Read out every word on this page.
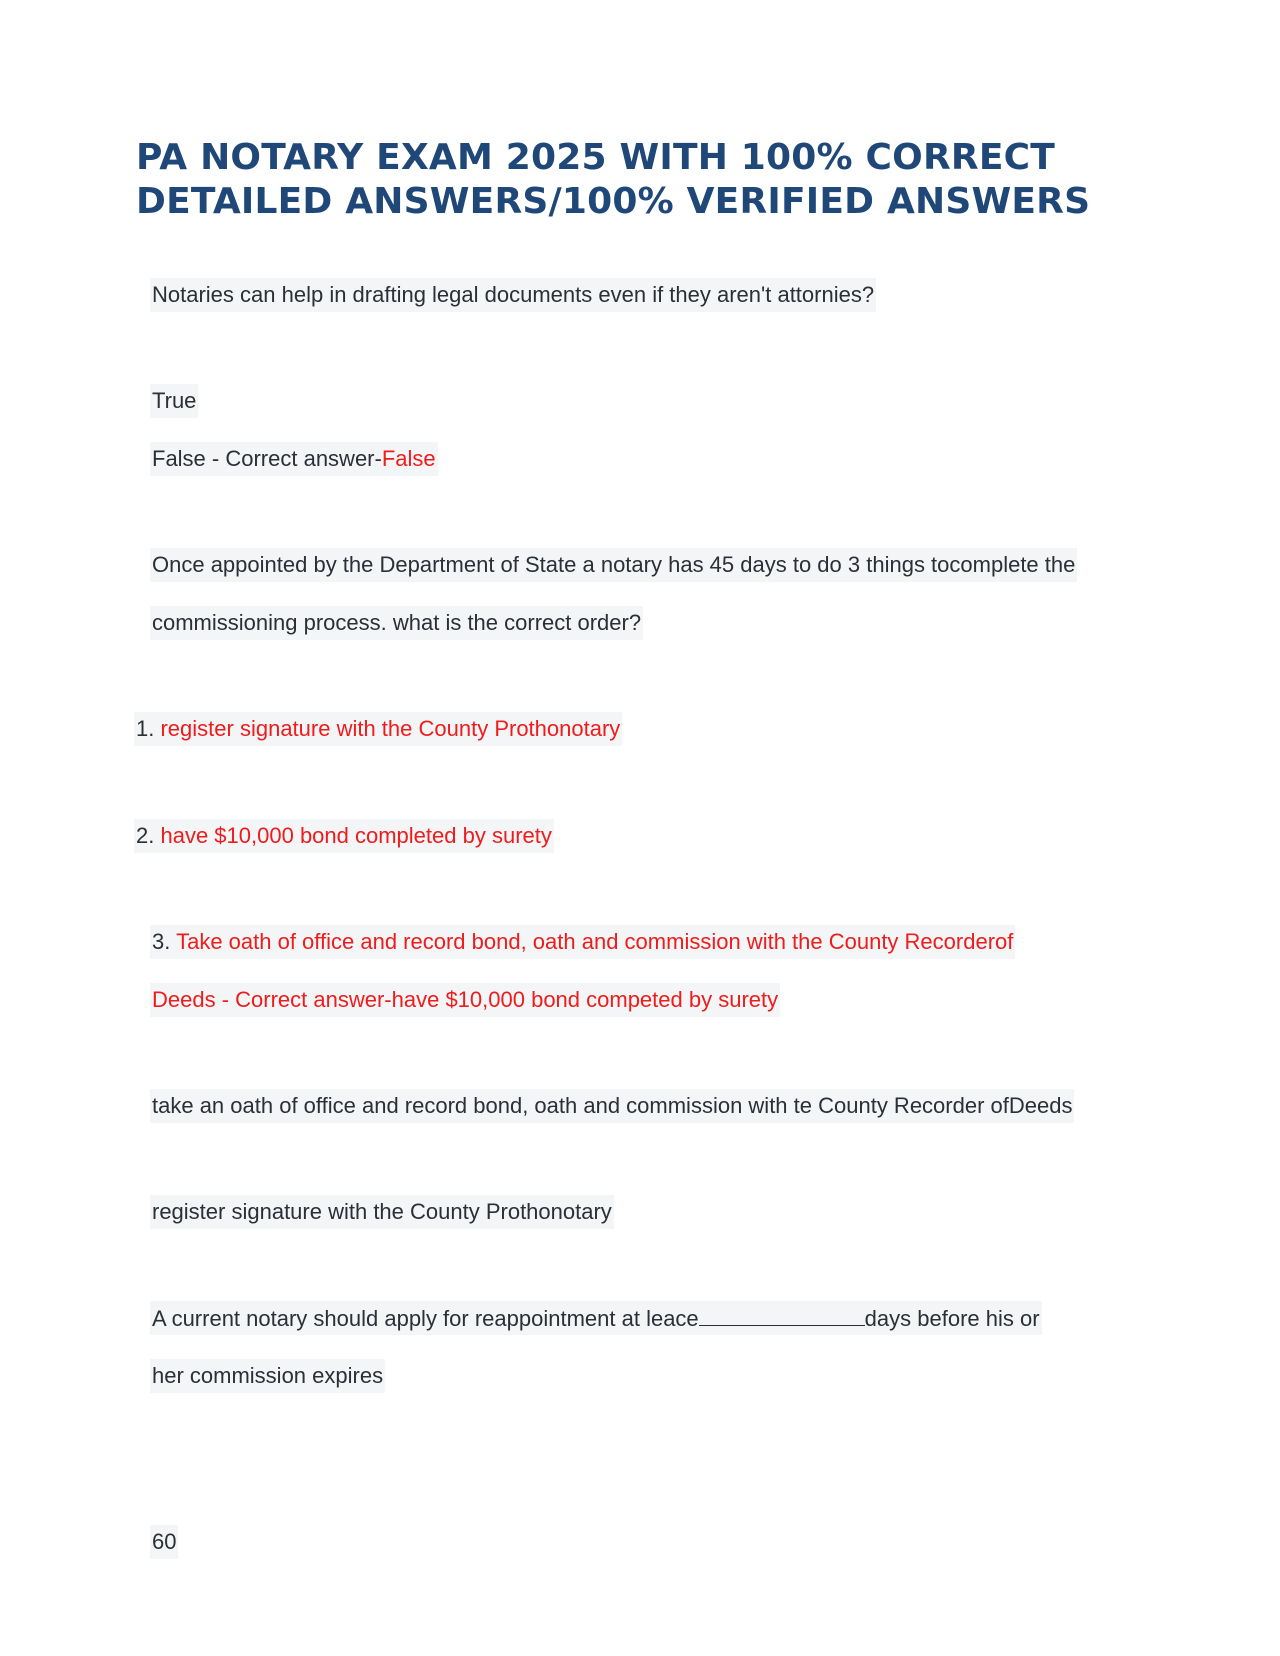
PA NOTARY EXAM 2025 WITH 100% CORRECT DETAILED ANSWERS/100% VERIFIED ANSWERS
Notaries can help in drafting legal documents even if they aren't attornies?
True
False - Correct answer-False
Once appointed by the Department of State a notary has 45 days to do 3 things tocomplete the
commissioning process. what is the correct order?
1. register signature with the County Prothonotary
2. have $10,000 bond completed by surety
3. Take oath of office and record bond, oath and commission with the County Recorderof
Deeds - Correct answer-have $10,000 bond competed by surety
take an oath of office and record bond, oath and commission with te County Recorder ofDeeds
register signature with the County Prothonotary
A current notary should apply for reappointment at leace	days before his or
her commission expires
60
